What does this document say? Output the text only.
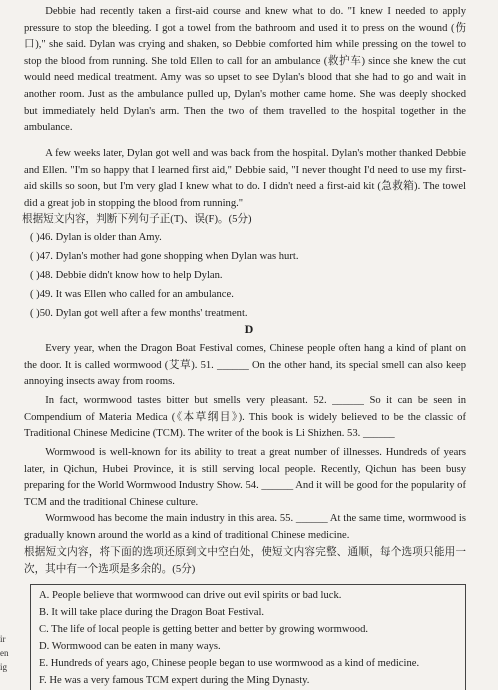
Debbie had recently taken a first-aid course and knew what to do. "I knew I needed to apply pressure to stop the bleeding. I got a towel from the bathroom and used it to press on the wound (伤口)," she said. Dylan was crying and shaken, so Debbie comforted him while pressing on the towel to stop the blood from running. She told Ellen to call for an ambulance (救护车) since she knew the cut would need medical treatment. Amy was so upset to see Dylan's blood that she had to go and wait in another room. Just as the ambulance pulled up, Dylan's mother came home. She was deeply shocked but immediately held Dylan's arm. Then the two of them travelled to the hospital together in the ambulance.

A few weeks later, Dylan got well and was back from the hospital. Dylan's mother thanked Debbie and Ellen. "I'm so happy that I learned first aid," Debbie said, "I never thought I'd need to use my first-aid skills so soon, but I'm very glad I knew what to do. I didn't need a first-aid kit (急救箱). The towel did a great job in stopping the blood from running."

根据短文内容，判断下列句子正(T)、误(F)。(5分)
( )46. Dylan is older than Amy.
( )47. Dylan's mother had gone shopping when Dylan was hurt.
( )48. Debbie didn't know how to help Dylan.
( )49. It was Ellen who called for an ambulance.
( )50. Dylan got well after a few months' treatment.
D

Every year, when the Dragon Boat Festival comes, Chinese people often hang a kind of plant on the door. It is called wormwood (艾草). 51. ______ On the other hand, its special smell can also keep annoying insects away from rooms.

In fact, wormwood tastes bitter but smells very pleasant. 52. ______ So it can be seen in Compendium of Materia Medica (《本草纲目》). This book is widely believed to be the classic of Traditional Chinese Medicine (TCM). The writer of the book is Li Shizhen. 53. ______

Wormwood is well-known for its ability to treat a great number of illnesses. Hundreds of years later, in Qichun, Hubei Province, it is still serving local people. Recently, Qichun has been busy preparing for the World Wormwood Industry Show. 54. ______ And it will be good for the popularity of TCM and the traditional Chinese culture.

Wormwood has become the main industry in this area. 55. ______ At the same time, wormwood is gradually known around the world as a kind of traditional Chinese medicine.

根据短文内容，将下面的选项还原到文中空白处，使短文内容完整、通顺，每个选项只能用一次，其中有一个选项是多余的。(5分)

A. People believe that wormwood can drive out evil spirits or bad luck.
B. It will take place during the Dragon Boat Festival.
C. The life of local people is getting better and better by growing wormwood.
D. Wormwood can be eaten in many ways.
E. Hundreds of years ago, Chinese people began to use wormwood as a kind of medicine.
F. He was a very famous TCM expert during the Ming Dynasty.
ir
en
ig
